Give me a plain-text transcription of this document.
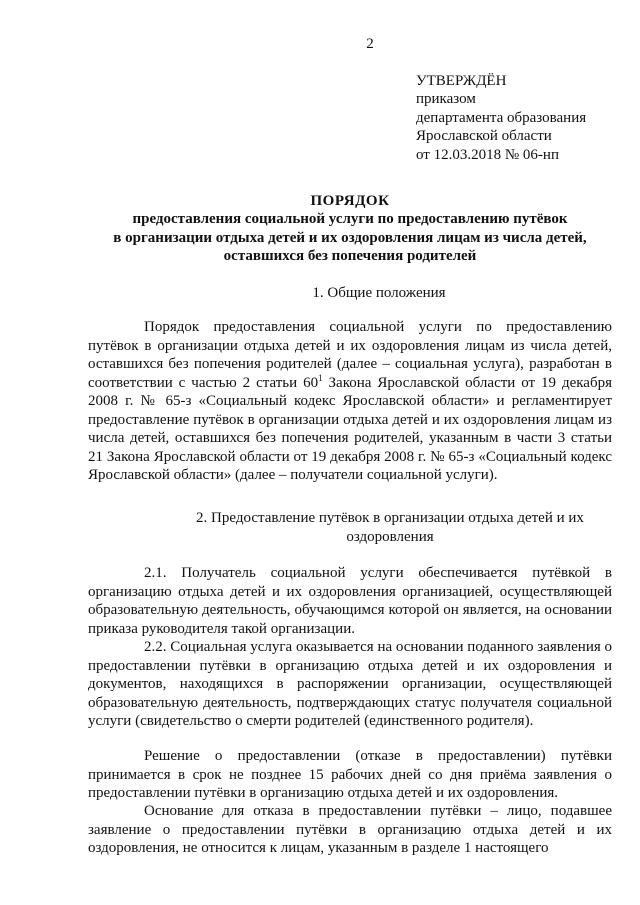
2
УТВЕРЖДЁН
приказом
департамента образования
Ярославской области
от 12.03.2018 № 06-нп
ПОРЯДОК
предоставления социальной услуги по предоставлению путёвок
в организации отдыха детей и их оздоровления лицам из числа детей,
оставшихся без попечения родителей
1. Общие положения

Порядок предоставления социальной услуги по предоставлению путёвок в организации отдыха детей и их оздоровления лицам из числа детей, оставшихся без попечения родителей (далее – социальная услуга), разработан в соответствии с частью 2 статьи $60^1$ Закона Ярославской области от 19 декабря 2008 г. № 65-з «Социальный кодекс Ярославской области» и регламентирует предоставление путёвок в организации отдыха детей и их оздоровления лицам из числа детей, оставшихся без попечения родителей, указанным в части 3 статьи 21 Закона Ярославской области от 19 декабря 2008 г. № 65-з «Социальный кодекс Ярославской области» (далее – получатели социальной услуги).

2. Предоставление путёвок в организации отдыха детей и их
оздоровления

2.1. Получатель социальной услуги обеспечивается путёвкой в организацию отдыха детей и их оздоровления организацией, осуществляющей образовательную деятельность, обучающимся которой он является, на основании приказа руководителя такой организации.

2.2. Социальная услуга оказывается на основании поданного заявления о предоставлении путёвки в организацию отдыха детей и их оздоровления и документов, находящихся в распоряжении организации, осуществляющей образовательную деятельность, подтверждающих статус получателя социальной услуги (свидетельство о смерти родителей (единственного родителя).

Решение о предоставлении (отказе в предоставлении) путёвки принимается в срок не позднее 15 рабочих дней со дня приёма заявления о предоставлении путёвки в организацию отдыха детей и их оздоровления.

Основание для отказа в предоставлении путёвки – лицо, подавшее заявление о предоставлении путёвки в организацию отдыха детей и их оздоровления, не относится к лицам, указанным в разделе 1 настоящего
